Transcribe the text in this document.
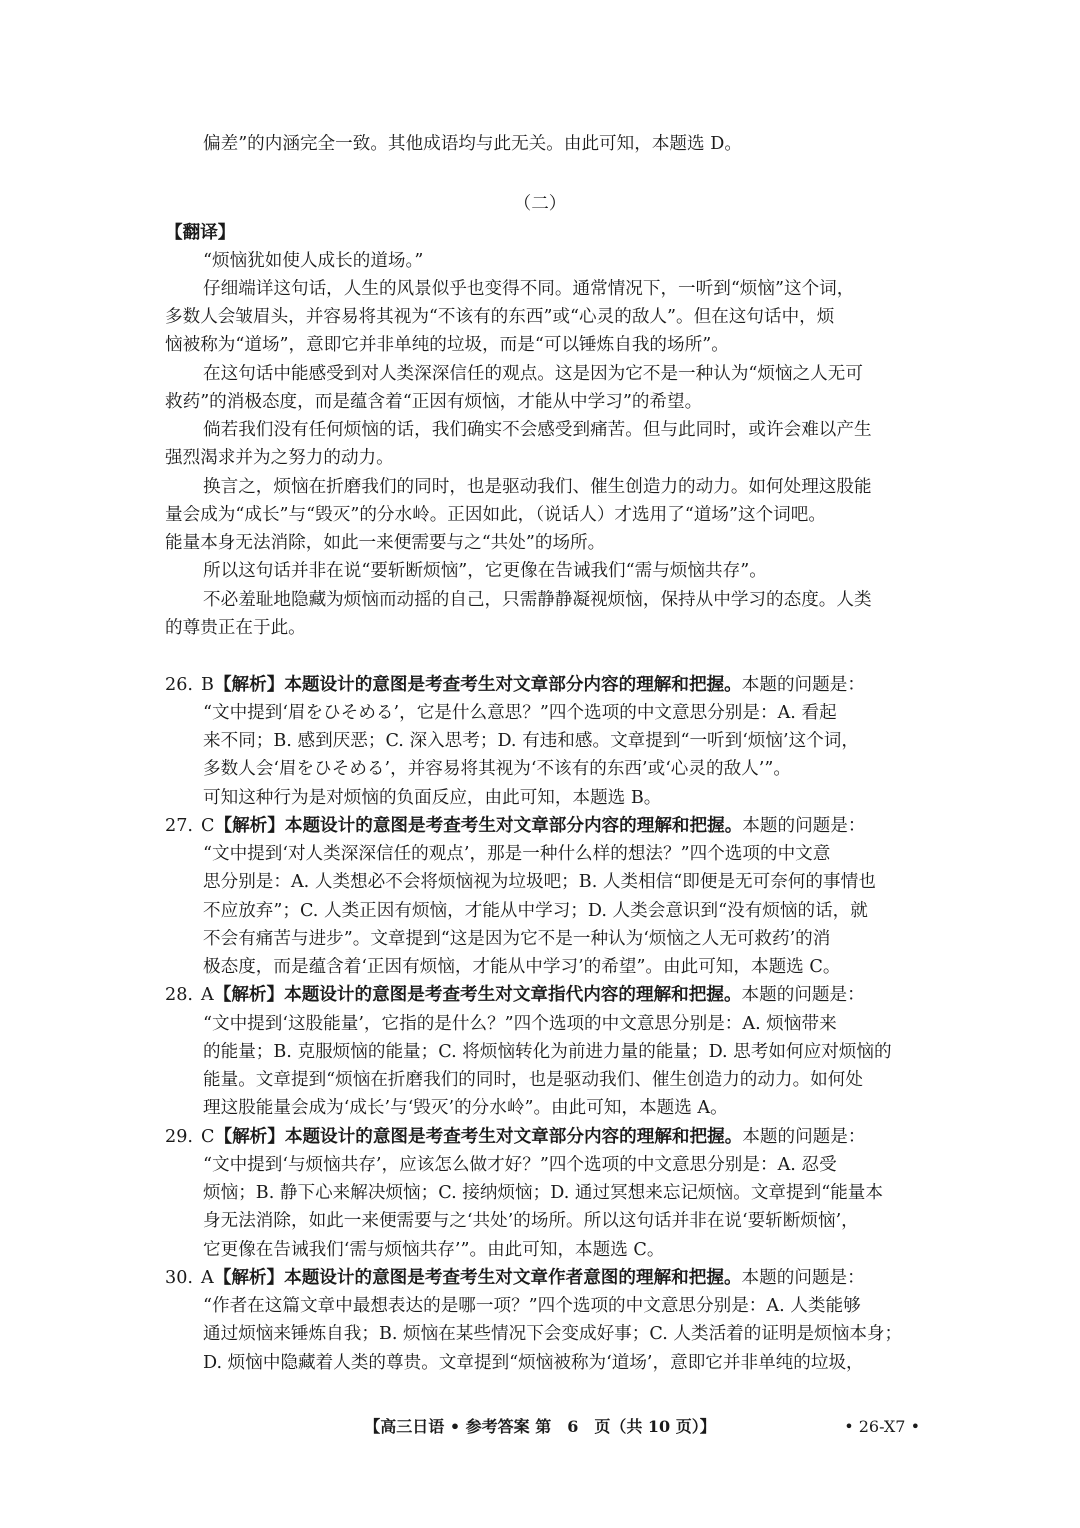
偏差”的内涵完全一致。其他成语均与此无关。由此可知，本题选 D。
（二）
【翻译】
“烦恼犹如使人成长的道场。”
仔细端详这句话，人生的风景似乎也变得不同。通常情况下，一听到“烦恼”这个词，
多数人会皱眉头，并容易将其视为“不该有的东西”或“心灵的敌人”。但在这句话中，烦
恼被称为“道场”，意即它并非单纯的垃圾，而是“可以锤炼自我的场所”。
在这句话中能感受到对人类深深信任的观点。这是因为它不是一种认为“烦恼之人无可
救药”的消极态度，而是蕴含着“正因有烦恼，才能从中学习”的希望。
倘若我们没有任何烦恼的话，我们确实不会感受到痛苦。但与此同时，或许会难以产生
强烈渴求并为之努力的动力。
换言之，烦恼在折磨我们的同时，也是驱动我们、催生创造力的动力。如何处理这股能
量会成为“成长”与“毁灭”的分水岭。正因如此，（说话人）才选用了“道场”这个词吧。
能量本身无法消除，如此一来便需要与之“共处”的场所。
所以这句话并非在说“要斩断烦恼”，它更像在告诫我们“需与烦恼共存”。
不必羞耻地隐藏为烦恼而动摇的自己，只需静静凝视烦恼，保持从中学习的态度。人类
的尊贵正在于此。
26. B【解析】本题设计的意图是考查考生对文章部分内容的理解和把握。本题的问题是：
“文中提到‘眉をひそめる’，它是什么意思？”四个选项的中文意思分别是：A. 看起
来不同；B. 感到厌恶；C. 深入思考；D. 有违和感。文章提到“一听到‘烦恼’这个词，
多数人会‘眉をひそめる’，并容易将其视为‘不该有的东西’或‘心灵的敌人’”。
可知这种行为是对烦恼的负面反应，由此可知，本题选 B。
27. C【解析】本题设计的意图是考查考生对文章部分内容的理解和把握。本题的问题是：
“文中提到‘对人类深深信任的观点’，那是一种什么样的想法？”四个选项的中文意
思分别是：A. 人类想必不会将烦恼视为垃圾吧；B. 人类相信“即便是无可奈何的事情也
不应放弃”；C. 人类正因有烦恼，才能从中学习；D. 人类会意识到“没有烦恼的话，就
不会有痛苦与进步”。文章提到“这是因为它不是一种认为‘烦恼之人无可救药’的消
极态度，而是蕴含着‘正因有烦恼，才能从中学习’的希望”。由此可知，本题选 C。
28. A【解析】本题设计的意图是考查考生对文章指代内容的理解和把握。本题的问题是：
“文中提到‘这股能量’，它指的是什么？”四个选项的中文意思分别是：A. 烦恼带来
的能量；B. 克服烦恼的能量；C. 将烦恼转化为前进力量的能量；D. 思考如何应对烦恼的
能量。文章提到“烦恼在折磨我们的同时，也是驱动我们、催生创造力的动力。如何处
理这股能量会成为‘成长’与‘毁灭’的分水岭”。由此可知，本题选 A。
29. C【解析】本题设计的意图是考查考生对文章部分内容的理解和把握。本题的问题是：
“文中提到‘与烦恼共存’，应该怎么做才好？”四个选项的中文意思分别是：A. 忍受
烦恼；B. 静下心来解决烦恼；C. 接纳烦恼；D. 通过冥想来忘记烦恼。文章提到“能量本
身无法消除，如此一来便需要与之‘共处’的场所。所以这句话并非在说‘要斩断烦恼’，
它更像在告诫我们‘需与烦恼共存’”。由此可知，本题选 C。
30. A【解析】本题设计的意图是考查考生对文章作者意图的理解和把握。本题的问题是：
“作者在这篇文章中最想表达的是哪一项？”四个选项的中文意思分别是：A. 人类能够
通过烦恼来锤炼自我；B. 烦恼在某些情况下会变成好事；C. 人类活着的证明是烦恼本身；
D. 烦恼中隐藏着人类的尊贵。文章提到“烦恼被称为‘道场’，意即它并非单纯的垃圾，
【高三日语 • 参考答案 第　6　页（共 10 页）】	• 26-X7 •
